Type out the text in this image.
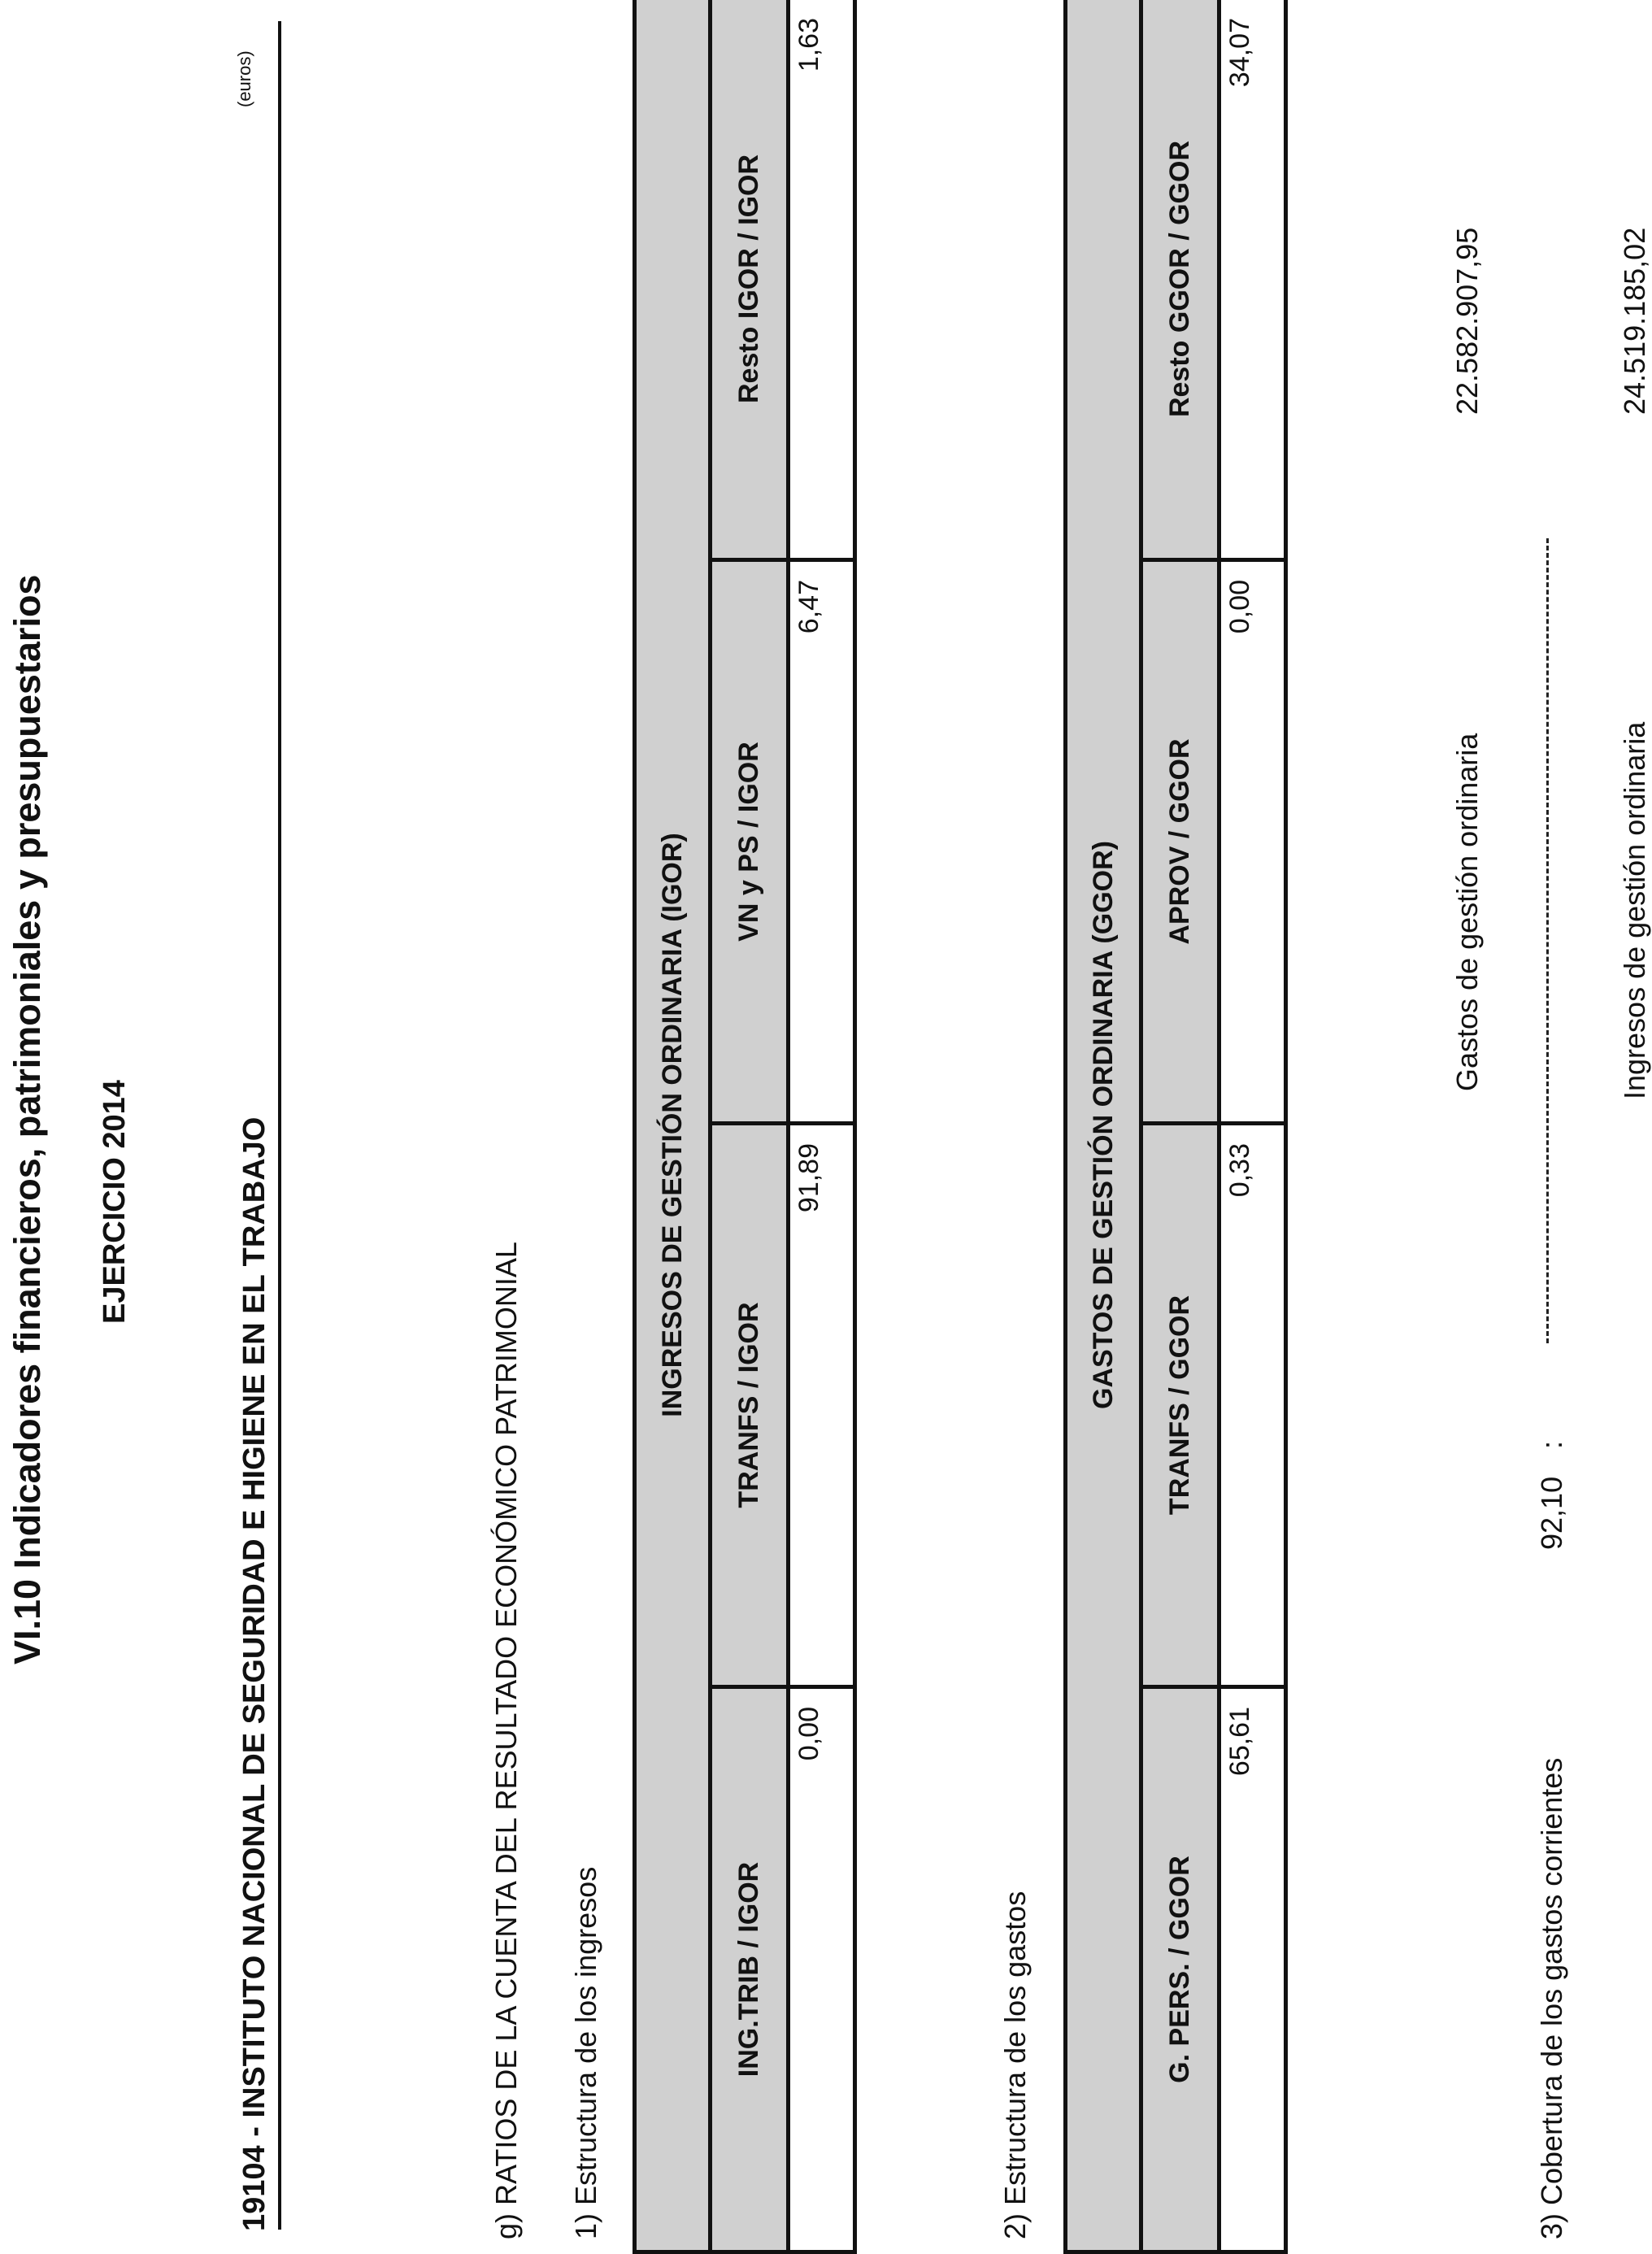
VI.10 Indicadores financieros, patrimoniales y presupuestarios EJERCICIO 2014	19104 - INSTITUTO NACIONAL DE SEGURIDAD E HIGIENE EN EL TRABAJO
(euros)
g) RATIOS DE LA CUENTA DEL RESULTADO ECONÓMICO PATRIMONIAL 1) Estructura de los ingresos
INGRESOS DE GESTIÓN ORDINARIA (IGOR)			
ING.TRIB / IGOR	TRANFS / IGOR	VN y PS / IGOR	Resto IGOR / IGOR
0,00	91,89	6,47	1,63
2) Estructura de los gastos
GASTOS DE GESTIÓN ORDINARIA (GGOR)			
G. PERS. / GGOR	TRANFS / GGOR	APROV / GGOR	Resto GGOR / GGOR
65,61	0,33	0,00	34,07
3) Cobertura de los gastos corrientes
92,10
:
Gastos de gestión ordinaria
22.582.907,95
Ingresos de gestión ordinaria
24.519.185,02
